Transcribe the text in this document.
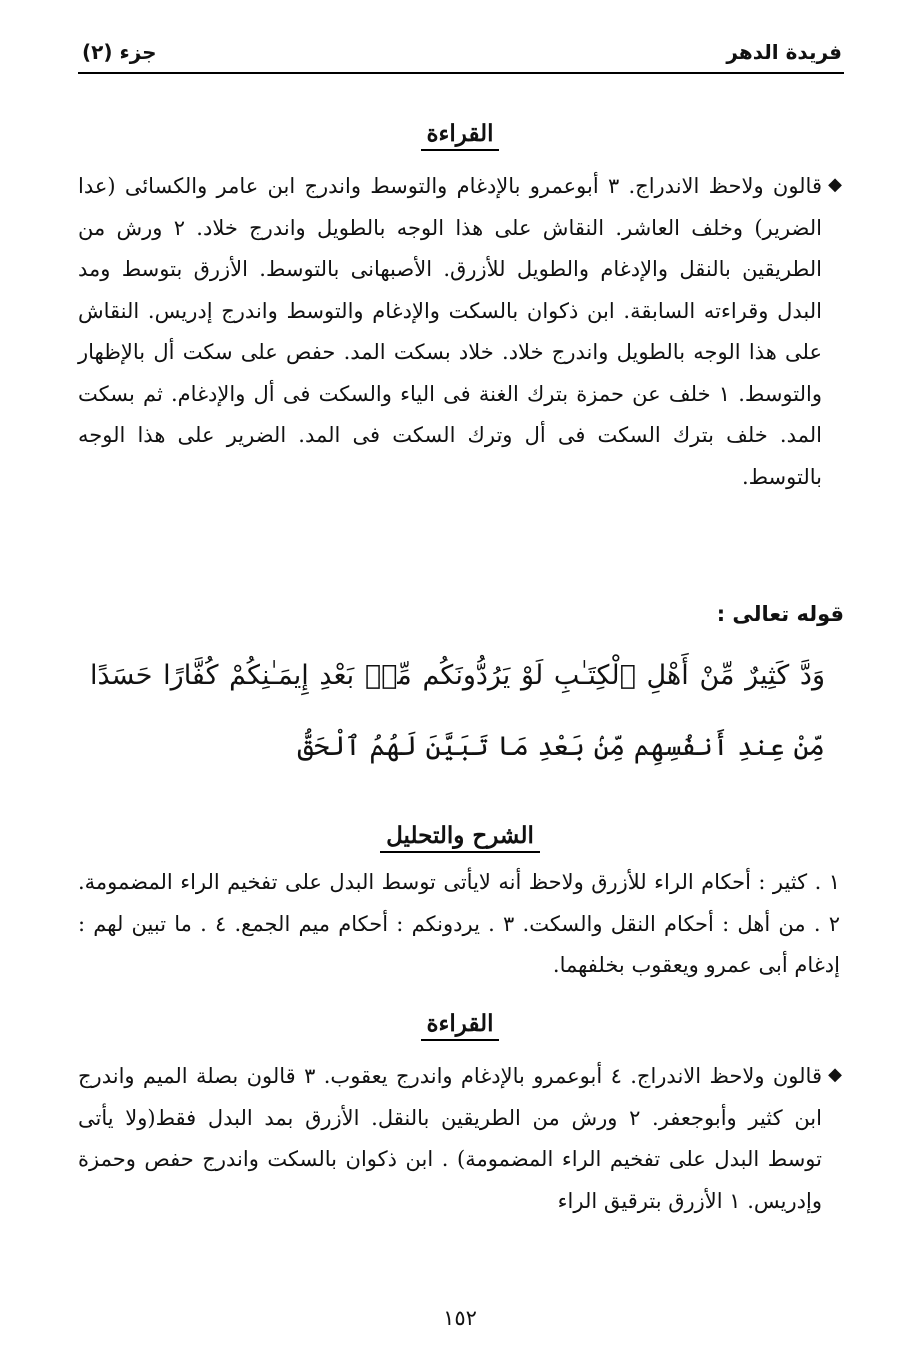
فريدة الدهر
جزء (٢)
القراءة
◆

قالون ولاحظ الاندراج. ٣ أبوعمرو بالإدغام والتوسط واندرج ابن عامر والكسائى (عدا الضرير) وخلف العاشر. النقاش على هذا الوجه بالطويل واندرج خلاد. ٢ ورش من الطريقين بالنقل والإدغام والطويل للأزرق. الأصبهانى بالتوسط. الأزرق بتوسط ومد البدل وقراءته السابقة. ابن ذكوان بالسكت والإدغام والتوسط واندرج إدريس. النقاش على هذا الوجه بالطويل واندرج خلاد. خلاد بسكت المد. حفص على سكت أل بالإظهار والتوسط. ١ خلف عن حمزة بترك الغنة فى الياء والسكت فى أل والإدغام. ثم بسكت المد. خلف بترك السكت فى أل وترك السكت فى المد. الضرير على هذا الوجه بالتوسط.

قوله تعالى :
وَدَّ كَثِيرٌ مِّنْ أَهْلِ ٱلْكِتَـٰبِ لَوْ يَرُدُّونَكُم مِّنۢ بَعْدِ إِيمَـٰنِكُمْ كُفَّارًا حَسَدًا
مِّنْ عِندِ أَنفُسِهِم مِّنۢ بَعْدِ مَا تَبَيَّنَ لَهُمُ ٱلْحَقُّ
الشرح والتحليل

١ . كثير : أحكام الراء للأزرق ولاحظ أنه لايأتى توسط البدل على تفخيم الراء المضمومة. ٢ . من أهل : أحكام النقل والسكت. ٣ . يردونكم : أحكام ميم الجمع. ٤ . ما تبين لهم : إدغام أبى عمرو ويعقوب بخلفهما.

القراءة
◆

قالون ولاحظ الاندراج. ٤ أبوعمرو بالإدغام واندرج يعقوب. ٣ قالون بصلة الميم واندرج ابن كثير وأبوجعفر. ٢ ورش من الطريقين بالنقل. الأزرق بمد البدل فقط(ولا يأتى توسط البدل على تفخيم الراء المضمومة) . ابن ذكوان بالسكت واندرج حفص وحمزة وإدريس. ١ الأزرق بترقيق الراء

١٥٢
